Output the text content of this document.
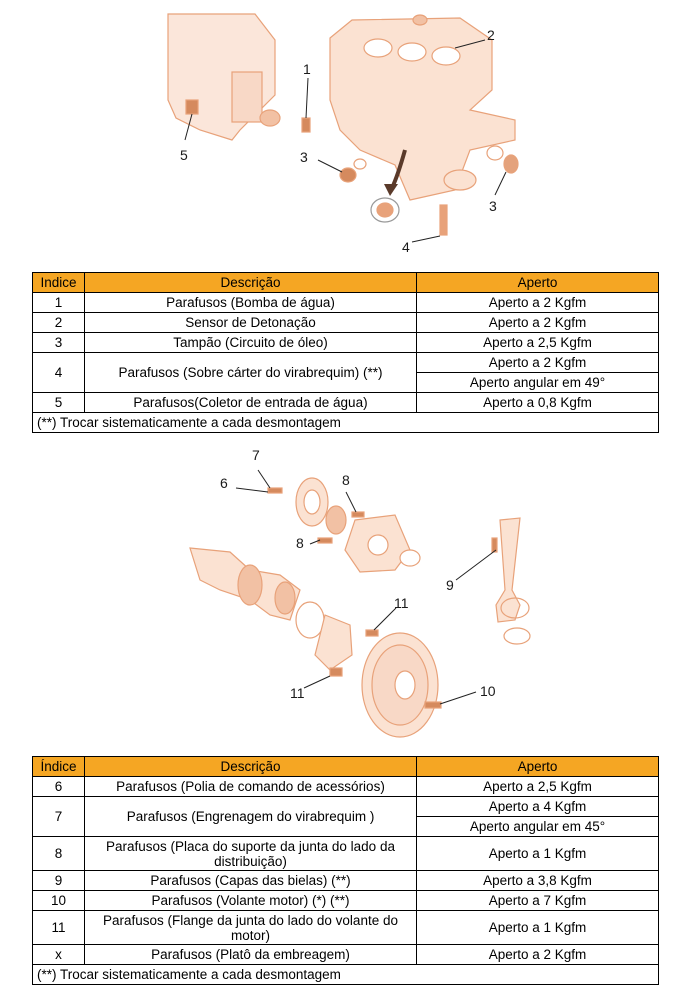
1
2
3
3
4
5
Indice	Descrição	Aperto
1	Parafusos (Bomba de água)	Aperto a 2 Kgfm
2	Sensor de Detonação	Aperto a 2 Kgfm
3	Tampão (Circuito de óleo)	Aperto a 2,5 Kgfm
4	Parafusos (Sobre cárter do virabrequim) (**)	Aperto a 2 Kgfm
		Aperto angular em 49°
5	Parafusos(Coletor de entrada de água)	Aperto a 0,8 Kgfm
(**) Trocar sistematicamente a cada desmontagem		
7
6	8
8
9
10
11
11
Índice	Descrição	Aperto
6	Parafusos (Polia de comando de acessórios)	Aperto a 2,5 Kgfm
7	Parafusos (Engrenagem do virabrequim )	Aperto a 4 Kgfm
		Aperto angular em 45°
8	Parafusos (Placa do suporte da junta do lado da distribuição)	Aperto a 1 Kgfm
9	Parafusos (Capas das bielas) (**)	Aperto a 3,8 Kgfm
10	Parafusos (Volante motor) (*) (**)	Aperto a 7 Kgfm
11	Parafusos (Flange da junta do lado do volante do motor)	Aperto a 1 Kgfm
x	Parafusos (Platô da embreagem)	Aperto a 2 Kgfm
(**) Trocar sistematicamente a cada desmontagem		
